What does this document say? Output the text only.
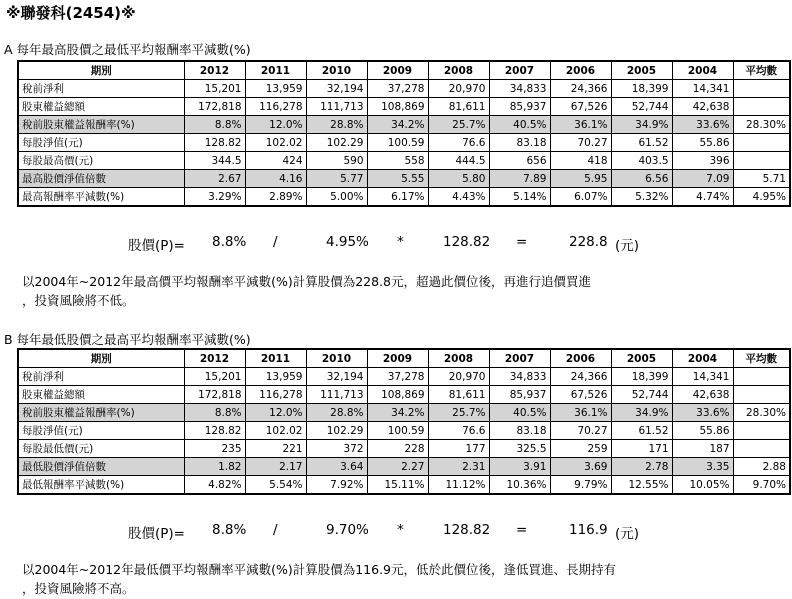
※聯發科(2454)※
A 每年最高股價之最低平均報酬率平減數(%)
期別	2012	2011	2010	2009	2008	2007	2006	2005	2004	平均數
稅前淨利	15,201	13,959	32,194	37,278	20,970	34,833	24,366	18,399	14,341	
股東權益總額	172,818	116,278	111,713	108,869	81,611	85,937	67,526	52,744	42,638	
稅前股東權益報酬率(%)	8.8%	12.0%	28.8%	34.2%	25.7%	40.5%	36.1%	34.9%	33.6%	28.30%
每股淨值(元)	128.82	102.02	102.29	100.59	76.6	83.18	70.27	61.52	55.86	
每股最高價(元)	344.5	424	590	558	444.5	656	418	403.5	396	
最高股價淨值倍數	2.67	4.16	5.77	5.55	5.80	7.89	5.95	6.56	7.09	5.71
最高報酬率平減數(%)	3.29%	2.89%	5.00%	6.17%	4.43%	5.14%	6.07%	5.32%	4.74%	4.95%
股價(P)= 8.8% /	4.95% *	128.82 =	228.8 (元)
以2004年~2012年最高價平均報酬率平減數(%)計算股價為228.8元，超過此價位後，再進行追價買進
，投資風險將不低。
B 每年最低股價之最高平均報酬率平減數(%)
期別	2012	2011	2010	2009	2008	2007	2006	2005	2004	平均數
稅前淨利	15,201	13,959	32,194	37,278	20,970	34,833	24,366	18,399	14,341	
股東權益總額	172,818	116,278	111,713	108,869	81,611	85,937	67,526	52,744	42,638	
稅前股東權益報酬率(%)	8.8%	12.0%	28.8%	34.2%	25.7%	40.5%	36.1%	34.9%	33.6%	28.30%
每股淨值(元)	128.82	102.02	102.29	100.59	76.6	83.18	70.27	61.52	55.86	
每股最低價(元)	235	221	372	228	177	325.5	259	171	187	
最低股價淨值倍數	1.82	2.17	3.64	2.27	2.31	3.91	3.69	2.78	3.35	2.88
最低報酬率平減數(%)	4.82%	5.54%	7.92%	15.11%	11.12%	10.36%	9.79%	12.55%	10.05%	9.70%
股價(P)= 8.8% /	9.70% *	128.82 =	116.9 (元)
以2004年~2012年最低價平均報酬率平減數(%)計算股價為116.9元，低於此價位後，逢低買進、長期持有
，投資風險將不高。
